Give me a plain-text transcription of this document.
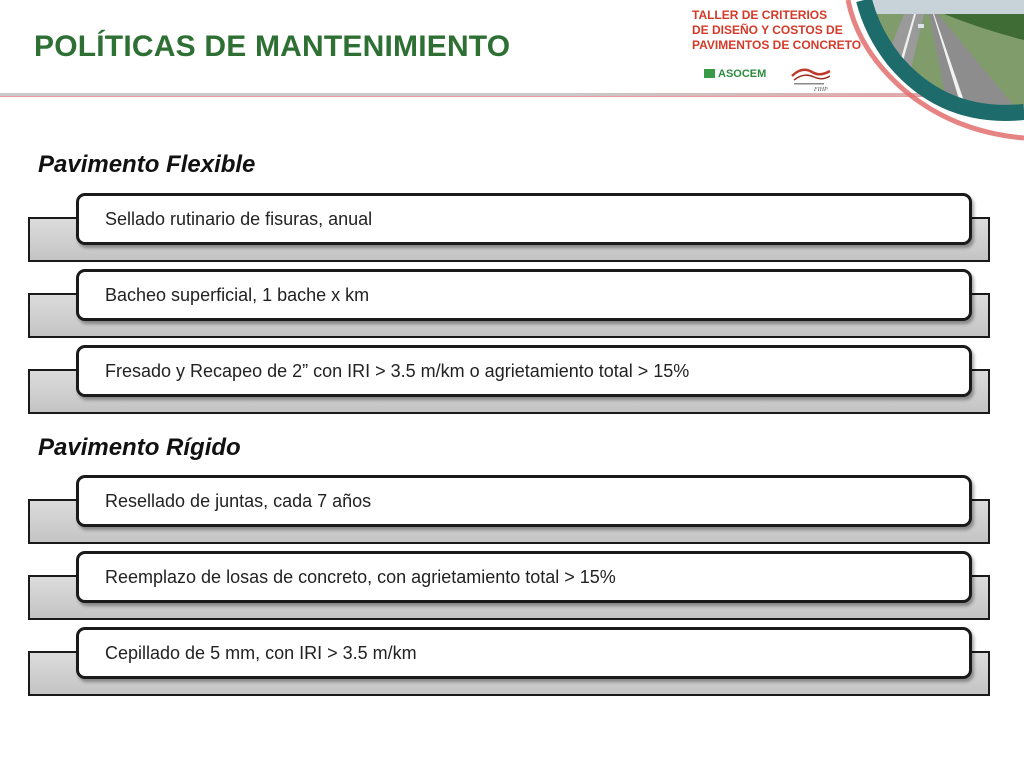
POLÍTICAS DE MANTENIMIENTO
TALLER DE CRITERIOS
DE DISEÑO Y COSTOS DE
PAVIMENTOS DE CONCRETO
ASOCEM
FIHP
Pavimento Flexible
Sellado rutinario de fisuras, anual
Bacheo superficial, 1 bache x km
Fresado y Recapeo de 2” con IRI > 3.5 m/km o agrietamiento total > 15%
Pavimento Rígido
Resellado de juntas, cada 7 años
Reemplazo de losas de concreto, con agrietamiento total > 15%
Cepillado de 5 mm, con IRI > 3.5 m/km
